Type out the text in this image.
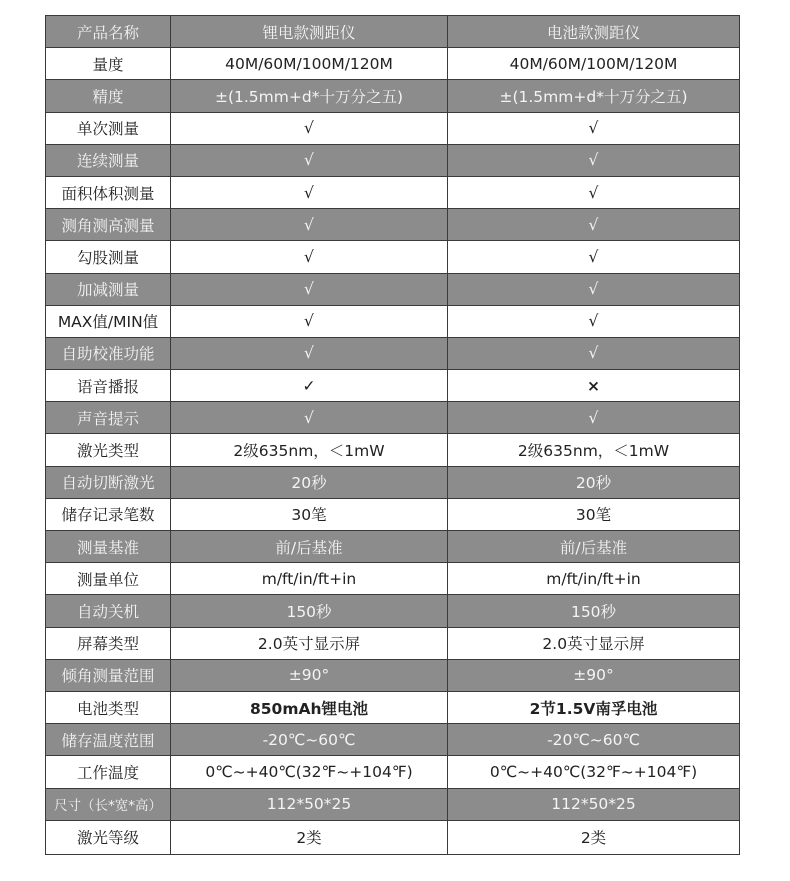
产品名称	锂电款测距仪	电池款测距仪
量度	40M/60M/100M/120M	40M/60M/100M/120M
精度	±(1.5mm+d*十万分之五)	±(1.5mm+d*十万分之五)
单次测量	√	√
连续测量	√	√
面积体积测量	√	√
测角测高测量	√	√
勾股测量	√	√
加减测量	√	√
MAX值/MIN值	√	√
自助校准功能	√	√
语音播报	✓	×
声音提示	√	√
激光类型	2级635nm，＜1mW	2级635nm，＜1mW
自动切断激光	20秒	20秒
储存记录笔数	30笔	30笔
测量基准	前/后基准	前/后基准
测量单位	m/ft/in/ft+in	m/ft/in/ft+in
自动关机	150秒	150秒
屏幕类型	2.0英寸显示屏	2.0英寸显示屏
倾角测量范围	±90°	±90°
电池类型	850mAh锂电池	2节1.5V南孚电池
储存温度范围	-20℃~60℃	-20℃~60℃
工作温度	0℃~+40℃(32℉~+104℉)	0℃~+40℃(32℉~+104℉)
尺寸（长*宽*高）	112*50*25	112*50*25
激光等级	2类	2类
